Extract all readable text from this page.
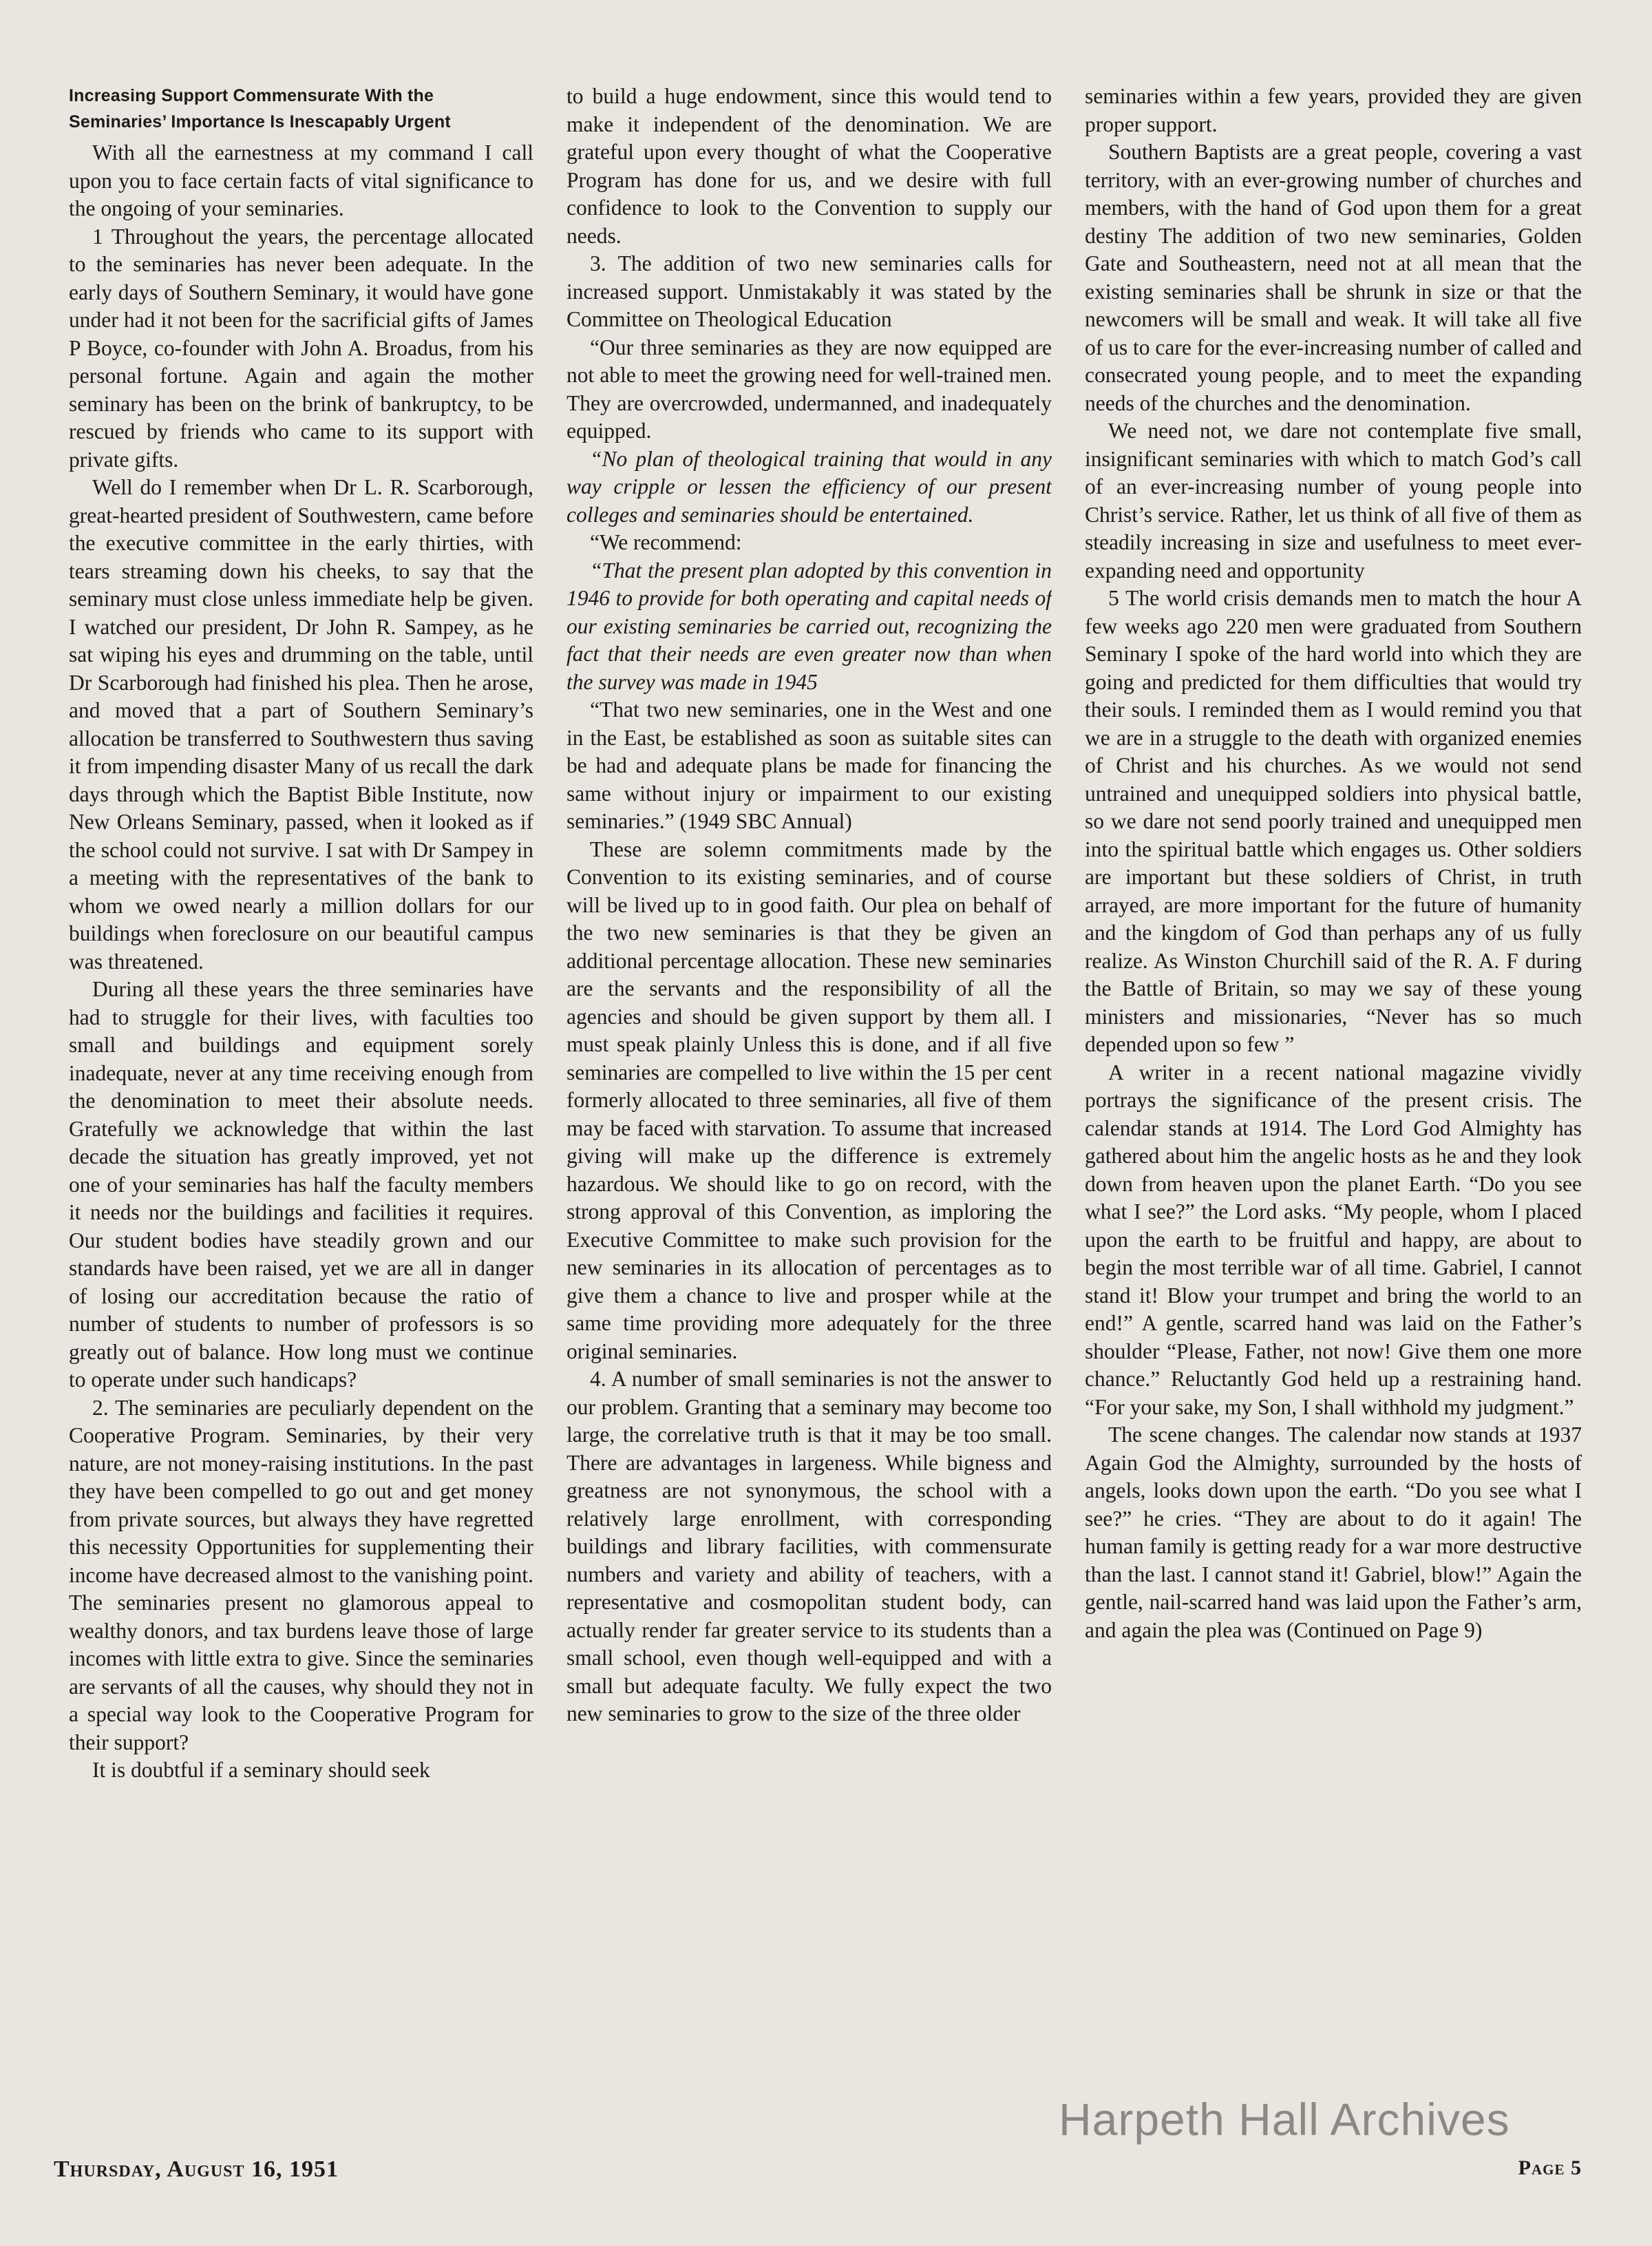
Increasing Support Commensurate With the
Seminaries’ Importance Is Inescapably Urgent

With all the earnestness at my command I call upon you to face certain facts of vital significance to the ongoing of your seminaries.

1 Throughout the years, the percentage allocated to the seminaries has never been adequate. In the early days of Southern Seminary, it would have gone under had it not been for the sacrificial gifts of James P Boyce, co-founder with John A. Broadus, from his personal fortune. Again and again the mother seminary has been on the brink of bankruptcy, to be rescued by friends who came to its support with private gifts.

Well do I remember when Dr L. R. Scarborough, great-hearted president of Southwestern, came before the executive committee in the early thirties, with tears streaming down his cheeks, to say that the seminary must close unless immediate help be given. I watched our president, Dr John R. Sampey, as he sat wiping his eyes and drumming on the table, until Dr Scarborough had finished his plea. Then he arose, and moved that a part of Southern Seminary’s allocation be transferred to Southwestern thus saving it from impending disaster Many of us recall the dark days through which the Baptist Bible Institute, now New Orleans Seminary, passed, when it looked as if the school could not survive. I sat with Dr Sampey in a meeting with the representatives of the bank to whom we owed nearly a million dollars for our buildings when foreclosure on our beautiful campus was threatened.

During all these years the three seminaries have had to struggle for their lives, with faculties too small and buildings and equipment sorely inadequate, never at any time receiving enough from the denomination to meet their absolute needs. Gratefully we acknowledge that within the last decade the situation has greatly improved, yet not one of your seminaries has half the faculty members it needs nor the buildings and facilities it requires. Our student bodies have steadily grown and our standards have been raised, yet we are all in danger of losing our accreditation because the ratio of number of students to number of professors is so greatly out of balance. How long must we continue to operate under such handicaps?

2. The seminaries are peculiarly dependent on the Cooperative Program. Seminaries, by their very nature, are not money-raising institutions. In the past they have been compelled to go out and get money from private sources, but always they have regretted this necessity Opportunities for supplementing their income have decreased almost to the vanishing point. The seminaries present no glamorous appeal to wealthy donors, and tax burdens leave those of large incomes with little extra to give. Since the seminaries are servants of all the causes, why should they not in a special way look to the Cooperative Program for their support?

It is doubtful if a seminary should seek

to build a huge endowment, since this would tend to make it independent of the denomination. We are grateful upon every thought of what the Cooperative Program has done for us, and we desire with full confidence to look to the Convention to supply our needs.

3. The addition of two new seminaries calls for increased support. Unmistakably it was stated by the Committee on Theological Education

“Our three seminaries as they are now equipped are not able to meet the growing need for well-trained men. They are overcrowded, undermanned, and inadequately equipped.

“No plan of theological training that would in any way cripple or lessen the efficiency of our present colleges and seminaries should be entertained.

“We recommend:

“That the present plan adopted by this convention in 1946 to provide for both operating and capital needs of our existing seminaries be carried out, recognizing the fact that their needs are even greater now than when the survey was made in 1945

“That two new seminaries, one in the West and one in the East, be established as soon as suitable sites can be had and adequate plans be made for financing the same without injury or impairment to our existing seminaries.” (1949 SBC Annual)

These are solemn commitments made by the Convention to its existing seminaries, and of course will be lived up to in good faith. Our plea on behalf of the two new seminaries is that they be given an additional percentage allocation. These new seminaries are the servants and the responsibility of all the agencies and should be given support by them all. I must speak plainly Unless this is done, and if all five seminaries are compelled to live within the 15 per cent formerly allocated to three seminaries, all five of them may be faced with starvation. To assume that increased giving will make up the difference is extremely hazardous. We should like to go on record, with the strong approval of this Convention, as imploring the Executive Committee to make such provision for the new seminaries in its allocation of percentages as to give them a chance to live and prosper while at the same time providing more adequately for the three original seminaries.

4. A number of small seminaries is not the answer to our problem. Granting that a seminary may become too large, the correlative truth is that it may be too small. There are advantages in largeness. While bigness and greatness are not synonymous, the school with a relatively large enrollment, with corresponding buildings and library facilities, with commensurate numbers and variety and ability of teachers, with a representative and cosmopolitan student body, can actually render far greater service to its students than a small school, even though well-equipped and with a small but adequate faculty. We fully expect the two new seminaries to grow to the size of the three older

seminaries within a few years, provided they are given proper support.

Southern Baptists are a great people, covering a vast territory, with an ever-growing number of churches and members, with the hand of God upon them for a great destiny The addition of two new seminaries, Golden Gate and Southeastern, need not at all mean that the existing seminaries shall be shrunk in size or that the newcomers will be small and weak. It will take all five of us to care for the ever-increasing number of called and consecrated young people, and to meet the expanding needs of the churches and the denomination.

We need not, we dare not contemplate five small, insignificant seminaries with which to match God’s call of an ever-increasing number of young people into Christ’s service. Rather, let us think of all five of them as steadily increasing in size and usefulness to meet ever-expanding need and opportunity

5 The world crisis demands men to match the hour A few weeks ago 220 men were graduated from Southern Seminary I spoke of the hard world into which they are going and predicted for them difficulties that would try their souls. I reminded them as I would remind you that we are in a struggle to the death with organized enemies of Christ and his churches. As we would not send untrained and unequipped soldiers into physical battle, so we dare not send poorly trained and unequipped men into the spiritual battle which engages us. Other soldiers are important but these soldiers of Christ, in truth arrayed, are more important for the future of humanity and the kingdom of God than perhaps any of us fully realize. As Winston Churchill said of the R. A. F during the Battle of Britain, so may we say of these young ministers and missionaries, “Never has so much depended upon so few ”

A writer in a recent national magazine vividly portrays the significance of the present crisis. The calendar stands at 1914. The Lord God Almighty has gathered about him the angelic hosts as he and they look down from heaven upon the planet Earth. “Do you see what I see?” the Lord asks. “My people, whom I placed upon the earth to be fruitful and happy, are about to begin the most terrible war of all time. Gabriel, I cannot stand it! Blow your trumpet and bring the world to an end!” A gentle, scarred hand was laid on the Father’s shoulder “Please, Father, not now! Give them one more chance.” Reluctantly God held up a restraining hand. “For your sake, my Son, I shall withhold my judgment.”

The scene changes. The calendar now stands at 1937 Again God the Almighty, surrounded by the hosts of angels, looks down upon the earth. “Do you see what I see?” he cries. “They are about to do it again! The human family is getting ready for a war more destructive than the last. I cannot stand it! Gabriel, blow!” Again the gentle, nail-scarred hand was laid upon the Father’s arm, and again the plea was (Continued on Page 9)

Thursday, August 16, 1951	Page 5
Harpeth Hall Archives
